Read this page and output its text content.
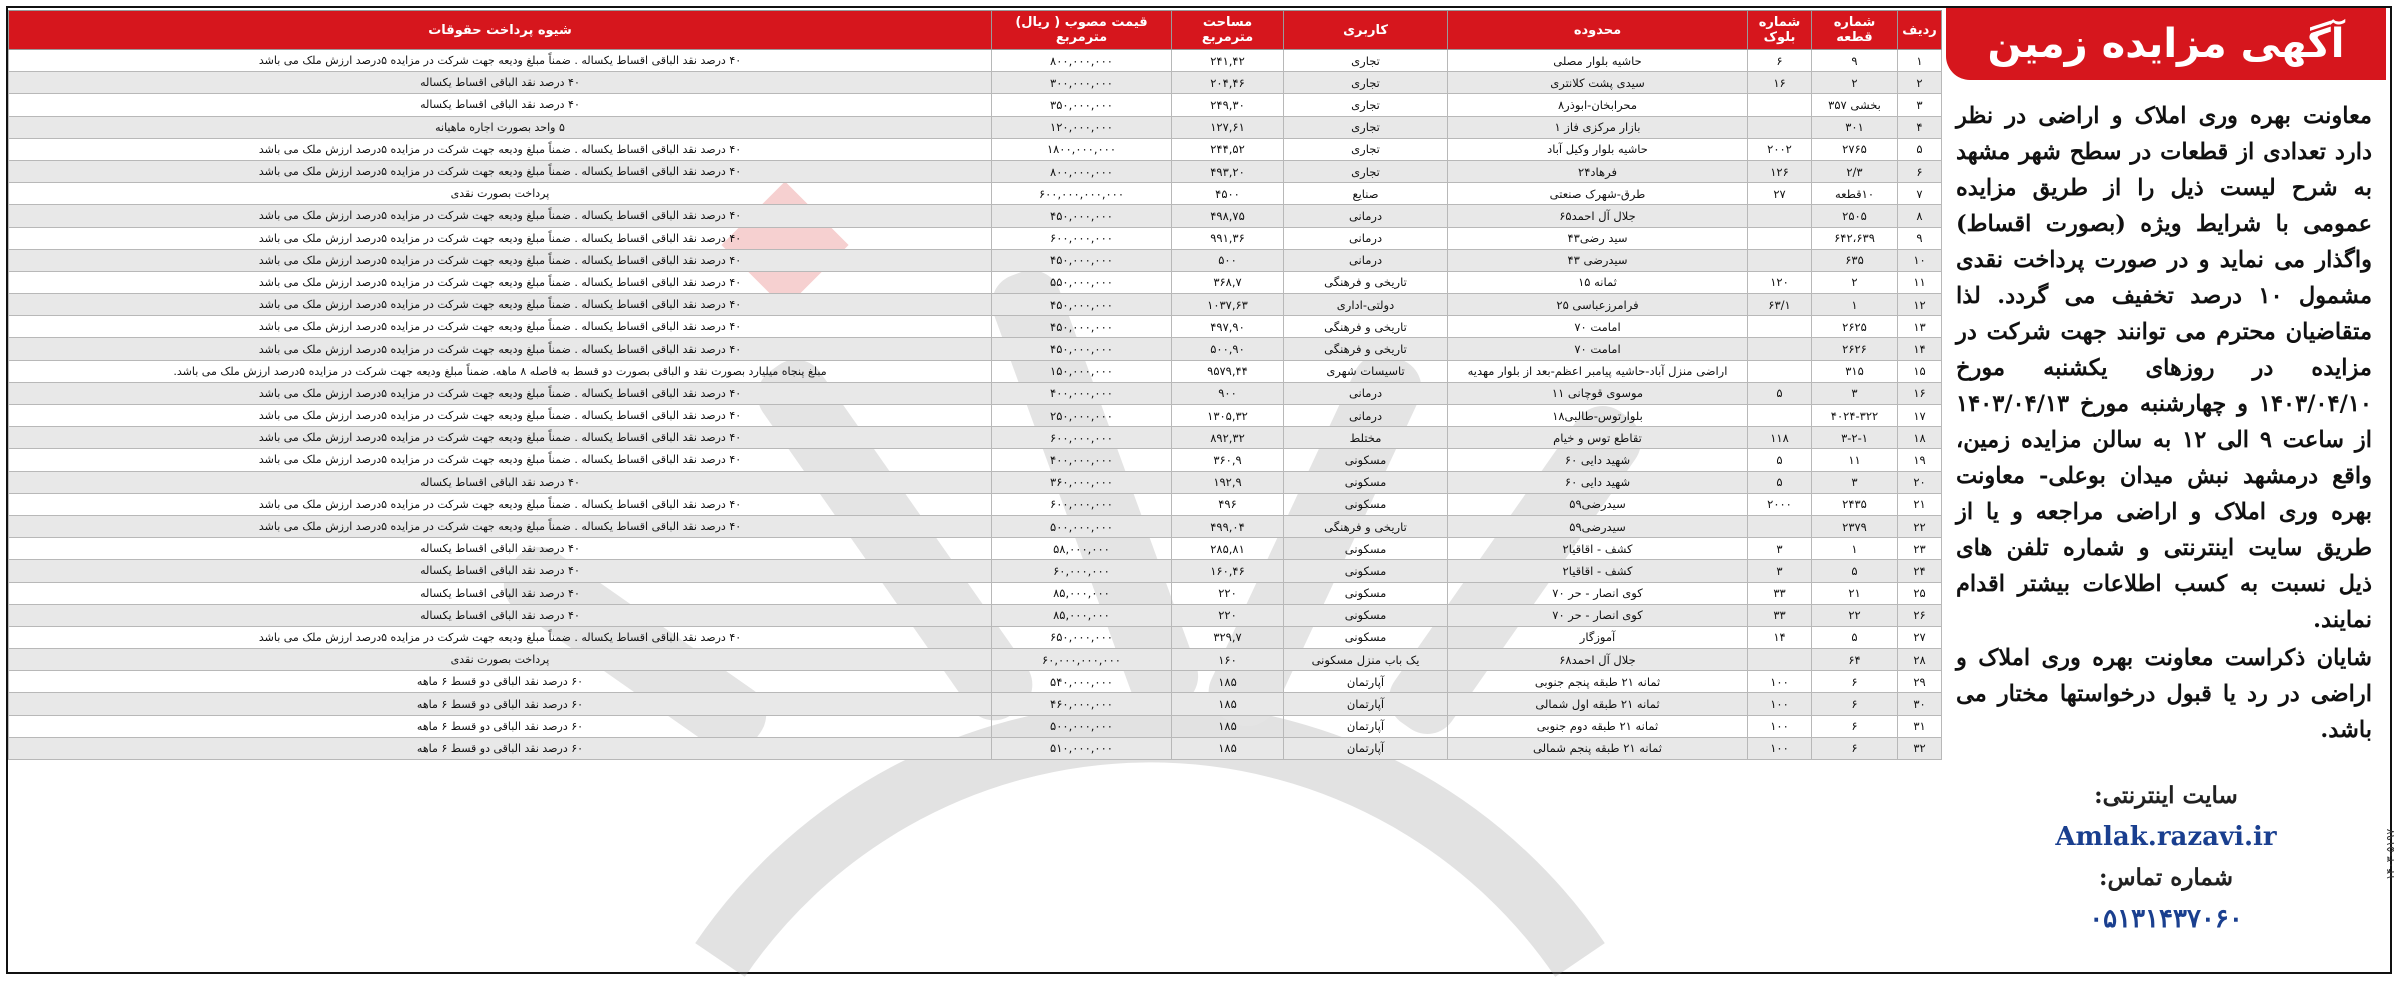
ردیف	شماره قطعه	شماره بلوک	محدوده	کاربری	مساحت مترمربع	قیمت مصوب ( ریال) مترمربع	شیوه پرداخت حقوقات
۱	۹	۶	حاشیه بلوار مصلی	تجاری	۲۴۱,۴۲	۸۰۰,۰۰۰,۰۰۰	۴۰ درصد نقد الباقی اقساط یکساله . ضمناً مبلغ ودیعه جهت شرکت در مزایده ۵درصد ارزش ملک می باشد
۲	۲	۱۶	سیدی پشت کلانتری	تجاری	۲۰۴,۴۶	۳۰۰,۰۰۰,۰۰۰	۴۰ درصد نقد الباقی اقساط یکساله
۳	بخشی ۳۵۷		محرابخان-ابوذر۸	تجاری	۲۴۹,۳۰	۳۵۰,۰۰۰,۰۰۰	۴۰ درصد نقد الباقی اقساط یکساله
۴	۳۰۱		بازار مرکزی فاز ۱	تجاری	۱۲۷,۶۱	۱۲۰,۰۰۰,۰۰۰	۵ واحد بصورت اجاره ماهیانه
۵	۲۷۶۵	۲۰۰۲	حاشیه بلوار وکیل آباد	تجاری	۲۴۴,۵۲	۱۸۰۰,۰۰۰,۰۰۰	۴۰ درصد نقد الباقی اقساط یکساله . ضمناً مبلغ ودیعه جهت شرکت در مزایده ۵درصد ارزش ملک می باشد
۶	۲/۳	۱۲۶	فرهاد۲۴	تجاری	۴۹۳,۲۰	۸۰۰,۰۰۰,۰۰۰	۴۰ درصد نقد الباقی اقساط یکساله . ضمناً مبلغ ودیعه جهت شرکت در مزایده ۵درصد ارزش ملک می باشد
۷	۱۰قطعه	۲۷	طرق-شهرک صنعتی	صنایع	۴۵۰۰	۶۰۰,۰۰۰,۰۰۰,۰۰۰	پرداخت بصورت نقدی
۸	۲۵۰۵		جلال آل احمد۶۵	درمانی	۴۹۸,۷۵	۴۵۰,۰۰۰,۰۰۰	۴۰ درصد نقد الباقی اقساط یکساله . ضمناً مبلغ ودیعه جهت شرکت در مزایده ۵درصد ارزش ملک می باشد
۹	۶۴۲،۶۳۹		سید رضی۴۳	درمانی	۹۹۱,۳۶	۶۰۰,۰۰۰,۰۰۰	۴۰ درصد نقد الباقی اقساط یکساله . ضمناً مبلغ ودیعه جهت شرکت در مزایده ۵درصد ارزش ملک می باشد
۱۰	۶۳۵		سیدرضی ۴۳	درمانی	۵۰۰	۴۵۰,۰۰۰,۰۰۰	۴۰ درصد نقد الباقی اقساط یکساله . ضمناً مبلغ ودیعه جهت شرکت در مزایده ۵درصد ارزش ملک می باشد
۱۱	۲	۱۲۰	ثمانه ۱۵	تاریخی و فرهنگی	۳۶۸,۷	۵۵۰,۰۰۰,۰۰۰	۴۰ درصد نقد الباقی اقساط یکساله . ضمناً مبلغ ودیعه جهت شرکت در مزایده ۵درصد ارزش ملک می باشد
۱۲	۱	۶۳/۱	فرامرزعباسی ۲۵	دولتی-اداری	۱۰۳۷,۶۳	۴۵۰,۰۰۰,۰۰۰	۴۰ درصد نقد الباقی اقساط یکساله . ضمناً مبلغ ودیعه جهت شرکت در مزایده ۵درصد ارزش ملک می باشد
۱۳	۲۶۲۵		امامت ۷۰	تاریخی و فرهنگی	۴۹۷,۹۰	۴۵۰,۰۰۰,۰۰۰	۴۰ درصد نقد الباقی اقساط یکساله . ضمناً مبلغ ودیعه جهت شرکت در مزایده ۵درصد ارزش ملک می باشد
۱۴	۲۶۲۶		امامت ۷۰	تاریخی و فرهنگی	۵۰۰,۹۰	۴۵۰,۰۰۰,۰۰۰	۴۰ درصد نقد الباقی اقساط یکساله . ضمناً مبلغ ودیعه جهت شرکت در مزایده ۵درصد ارزش ملک می باشد
۱۵	۳۱۵		اراضی منزل آباد-حاشیه پیامبر اعظم-بعد از بلوار مهدیه	تاسیسات شهری	۹۵۷۹,۴۴	۱۵۰,۰۰۰,۰۰۰	مبلغ پنجاه میلیارد بصورت نقد و الباقی بصورت دو قسط به فاصله ۸ ماهه. ضمناً مبلغ ودیعه جهت شرکت در مزایده ۵درصد ارزش ملک می باشد.
۱۶	۳	۵	موسوی قوچانی ۱۱	درمانی	۹۰۰	۴۰۰,۰۰۰,۰۰۰	۴۰ درصد نقد الباقی اقساط یکساله . ضمناً مبلغ ودیعه جهت شرکت در مزایده ۵درصد ارزش ملک می باشد
۱۷	۴۰۲۴-۳۲۲		بلوارتوس-طالبی۱۸	درمانی	۱۳۰۵,۳۲	۲۵۰,۰۰۰,۰۰۰	۴۰ درصد نقد الباقی اقساط یکساله . ضمناً مبلغ ودیعه جهت شرکت در مزایده ۵درصد ارزش ملک می باشد
۱۸	۳-۲-۱	۱۱۸	تقاطع توس و خیام	مختلط	۸۹۲,۳۲	۶۰۰,۰۰۰,۰۰۰	۴۰ درصد نقد الباقی اقساط یکساله . ضمناً مبلغ ودیعه جهت شرکت در مزایده ۵درصد ارزش ملک می باشد
۱۹	۱۱	۵	شهید دایی ۶۰	مسکونی	۳۶۰,۹	۴۰۰,۰۰۰,۰۰۰	۴۰ درصد نقد الباقی اقساط یکساله . ضمناً مبلغ ودیعه جهت شرکت در مزایده ۵درصد ارزش ملک می باشد
۲۰	۳	۵	شهید دایی ۶۰	مسکونی	۱۹۲,۹	۳۶۰,۰۰۰,۰۰۰	۴۰ درصد نقد الباقی اقساط یکساله
۲۱	۲۴۳۵	۲۰۰۰	سیدرضی۵۹	مسکونی	۴۹۶	۶۰۰,۰۰۰,۰۰۰	۴۰ درصد نقد الباقی اقساط یکساله . ضمناً مبلغ ودیعه جهت شرکت در مزایده ۵درصد ارزش ملک می باشد
۲۲	۲۳۷۹		سیدرضی۵۹	تاریخی و فرهنگی	۴۹۹,۰۴	۵۰۰,۰۰۰,۰۰۰	۴۰ درصد نقد الباقی اقساط یکساله . ضمناً مبلغ ودیعه جهت شرکت در مزایده ۵درصد ارزش ملک می باشد
۲۳	۱	۳	کشف - اقاقیا۲	مسکونی	۲۸۵,۸۱	۵۸,۰۰۰,۰۰۰	۴۰ درصد نقد الباقی اقساط یکساله
۲۴	۵	۳	کشف - اقاقیا۲	مسکونی	۱۶۰,۴۶	۶۰,۰۰۰,۰۰۰	۴۰ درصد نقد الباقی اقساط یکساله
۲۵	۲۱	۳۳	کوی انصار - حر ۷۰	مسکونی	۲۲۰	۸۵,۰۰۰,۰۰۰	۴۰ درصد نقد الباقی اقساط یکساله
۲۶	۲۲	۳۳	کوی انصار - حر ۷۰	مسکونی	۲۲۰	۸۵,۰۰۰,۰۰۰	۴۰ درصد نقد الباقی اقساط یکساله
۲۷	۵	۱۴	آموزگار	مسکونی	۳۲۹,۷	۶۵۰,۰۰۰,۰۰۰	۴۰ درصد نقد الباقی اقساط یکساله . ضمناً مبلغ ودیعه جهت شرکت در مزایده ۵درصد ارزش ملک می باشد
۲۸	۶۴		جلال آل احمد۶۸	یک باب منزل مسکونی	۱۶۰	۶۰,۰۰۰,۰۰۰,۰۰۰	پرداخت بصورت نقدی
۲۹	۶	۱۰۰	ثمانه ۲۱ طبقه پنجم جنوبی	آپارتمان	۱۸۵	۵۴۰,۰۰۰,۰۰۰	۶۰ درصد نقد الباقی دو قسط ۶ ماهه
۳۰	۶	۱۰۰	ثمانه ۲۱ طبقه اول شمالی	آپارتمان	۱۸۵	۴۶۰,۰۰۰,۰۰۰	۶۰ درصد نقد الباقی دو قسط ۶ ماهه
۳۱	۶	۱۰۰	ثمانه ۲۱ طبقه دوم جنوبی	آپارتمان	۱۸۵	۵۰۰,۰۰۰,۰۰۰	۶۰ درصد نقد الباقی دو قسط ۶ ماهه
۳۲	۶	۱۰۰	ثمانه ۲۱ طبقه پنجم شمالی	آپارتمان	۱۸۵	۵۱۰,۰۰۰,۰۰۰	۶۰ درصد نقد الباقی دو قسط ۶ ماهه
آگهی مزایده زمین

معاونت بهره وری املاک و اراضی در نظر دارد تعدادی از قطعات در سطح شهر مشهد به شرح لیست ذیل را از طریق مزایده عمومی با شرایط ویژه (بصورت اقساط) واگذار می نماید و در صورت پرداخت نقدی مشمول ۱۰ درصد تخفیف می گردد. لذا متقاضیان محترم می توانند جهت شرکت در مزایده در روزهای یکشنبه مورخ ۱۴۰۳/۰۴/۱۰ و چهارشنبه مورخ ۱۴۰۳/۰۴/۱۳ از ساعت ۹ الی ۱۲ به سالن مزایده زمین، واقع درمشهد نبش میدان بوعلی- معاونت بهره وری املاک و اراضی مراجعه و یا از طریق سایت اینترنتی و شماره تلفن های ذیل نسبت به کسب اطلاعات بیشتر اقدام نمایند.

شایان ذکراست معاونت بهره وری املاک و اراضی در رد یا قبول درخواستها مختار می باشد.

سایت اینترنتی:
Amlak.razavi.ir
شماره تماس:
۰۵۱۳۱۴۳۷۰۶۰
۱۴۰۳-۵۱۹۷
